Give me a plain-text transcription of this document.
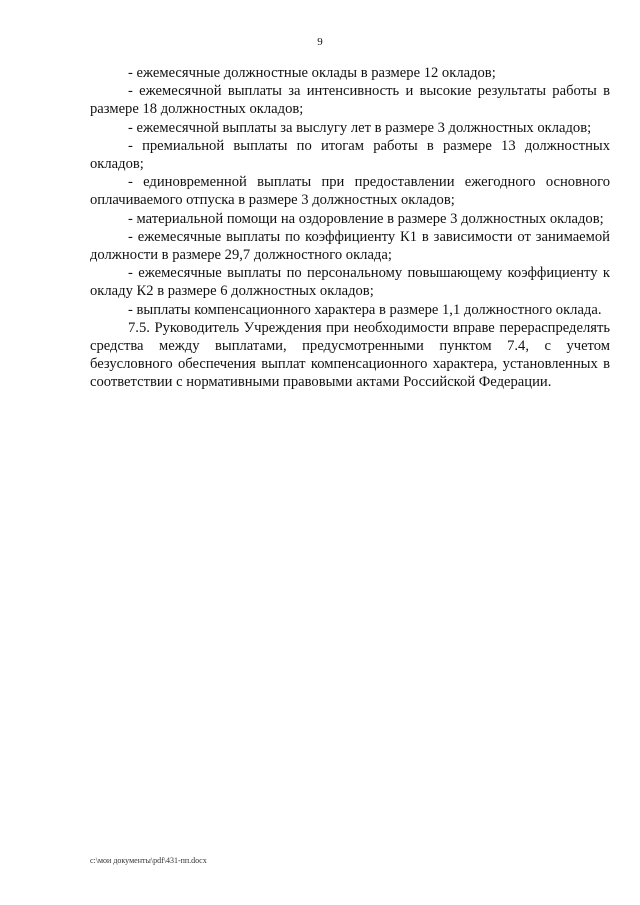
9

- ежемесячные должностные оклады в размере 12 окладов;

- ежемесячной выплаты за интенсивность и высокие результаты работы в размере 18 должностных окладов;

- ежемесячной выплаты за выслугу лет в размере 3 должностных окладов;

- премиальной выплаты по итогам работы в размере 13 должностных окладов;

- единовременной выплаты при предоставлении ежегодного основного оплачиваемого отпуска в размере 3 должностных окладов;

- материальной помощи на оздоровление в размере 3 должностных окладов;

- ежемесячные выплаты по коэффициенту К1 в зависимости от занимаемой должности в размере 29,7 должностного оклада;

- ежемесячные выплаты по персональному повышающему коэффициенту к окладу К2 в размере 6 должностных окладов;

- выплаты компенсационного характера в размере 1,1 должностного оклада.

7.5. Руководитель Учреждения при необходимости вправе перераспределять средства между выплатами, предусмотренными пунктом 7.4, с учетом безусловного обеспечения выплат компенсационного характера, установленных в соответствии с нормативными правовыми актами Российской Федерации.

c:\мои документы\pdf\431-пп.docx
